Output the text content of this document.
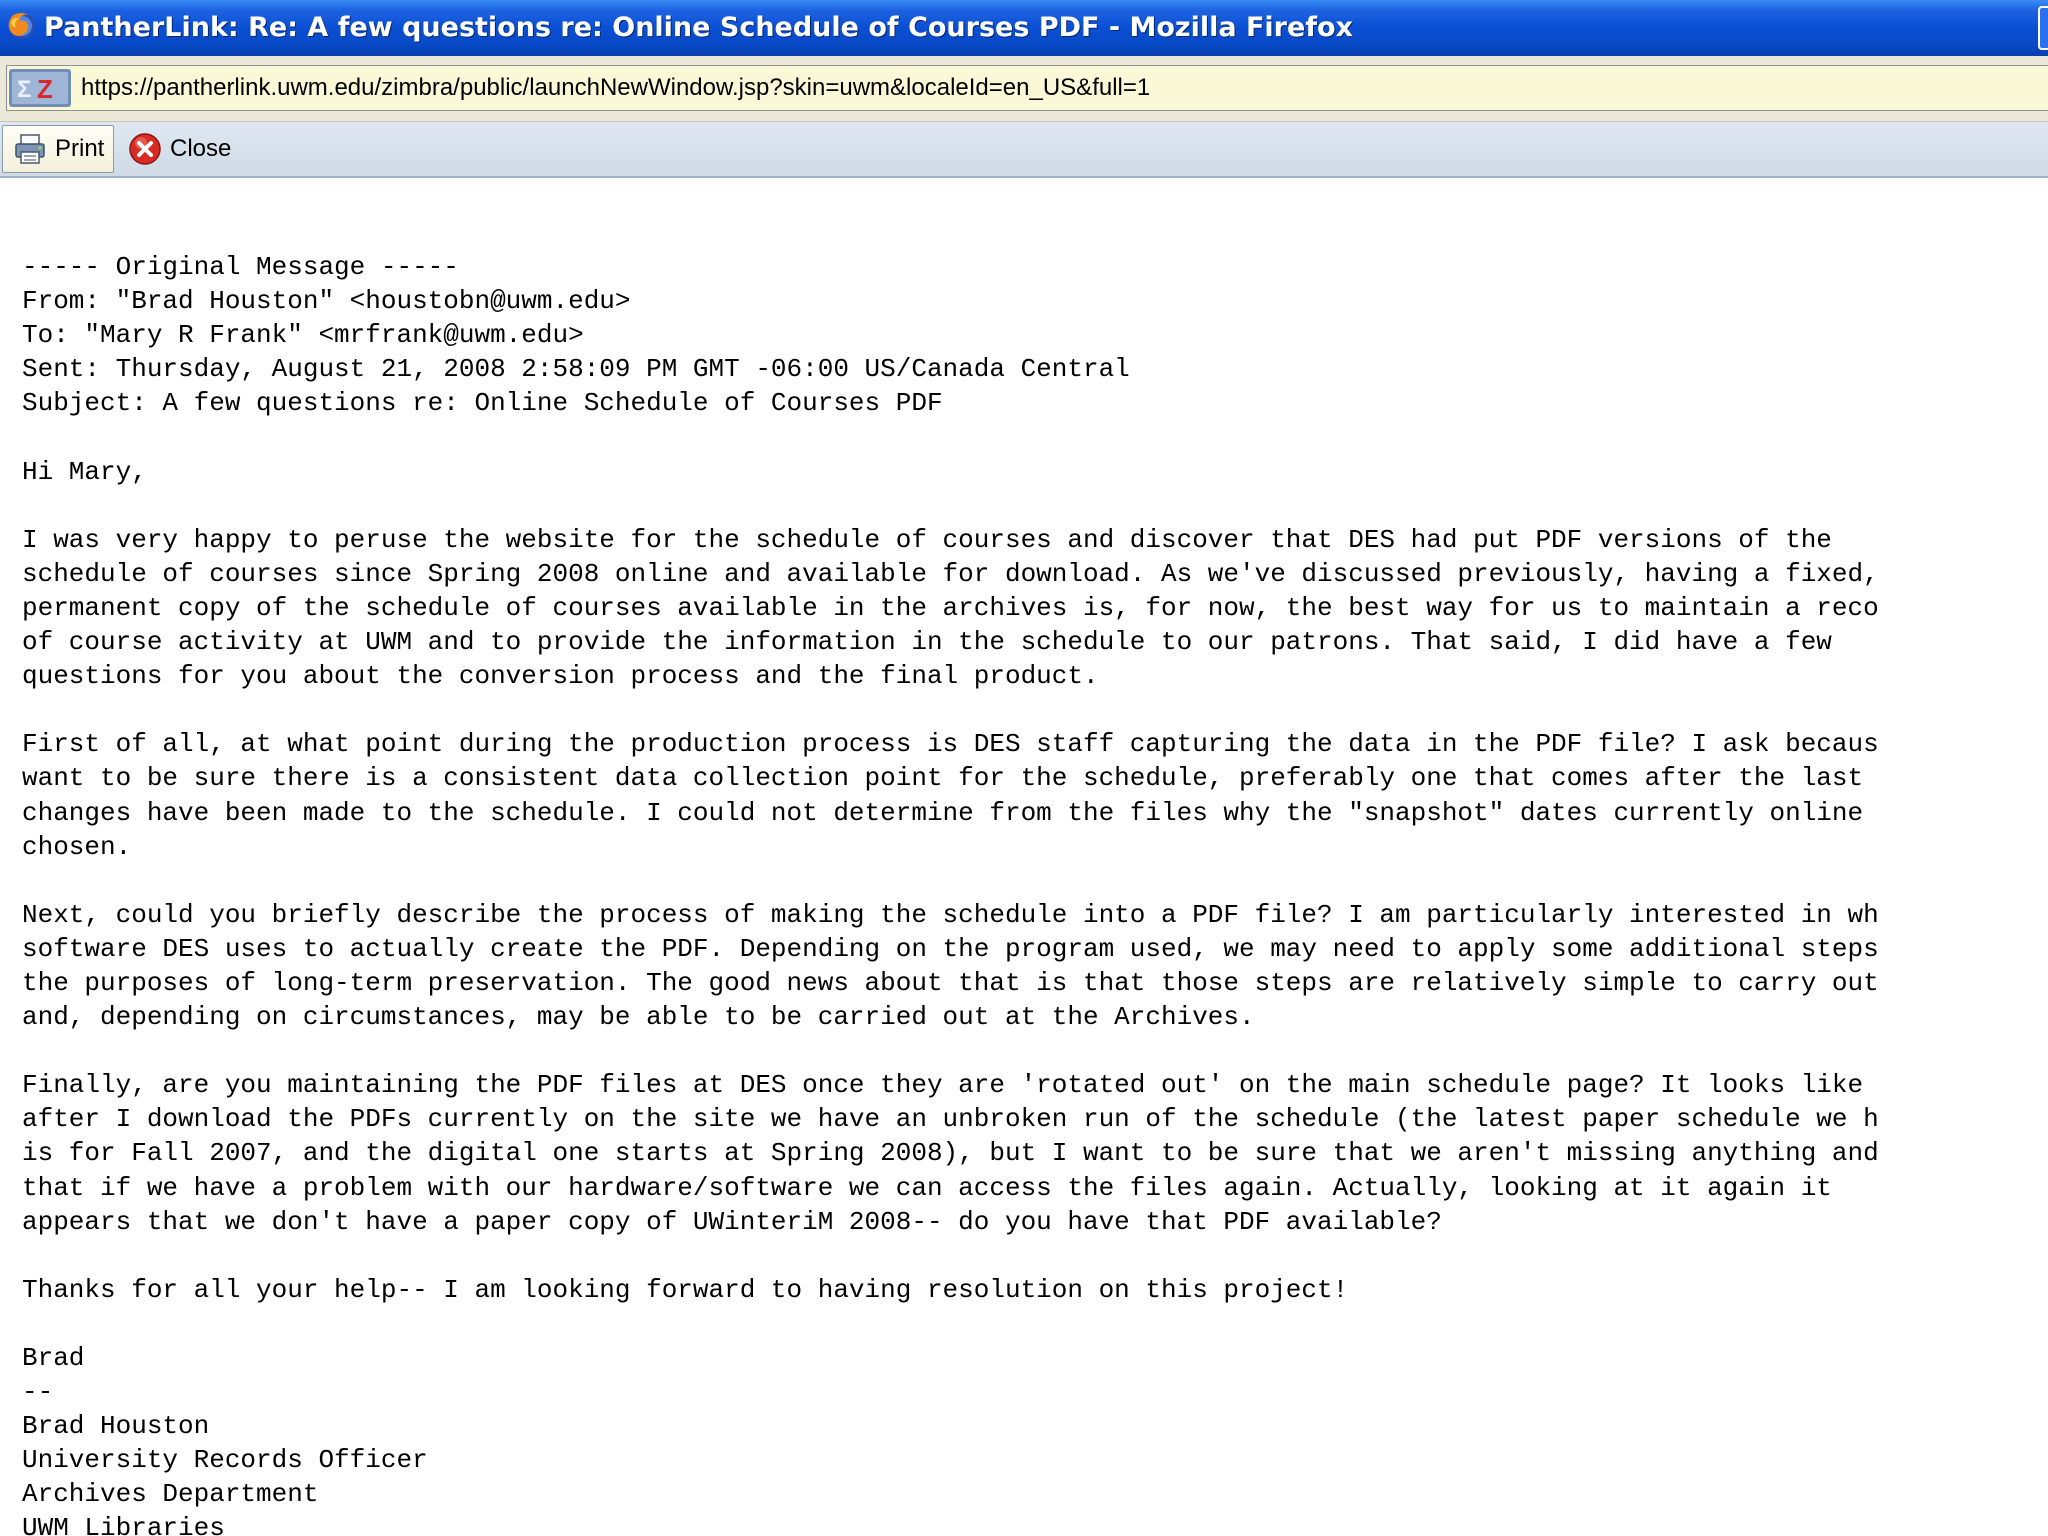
PantherLink: Re: A few questions re: Online Schedule of Courses PDF - Mozilla Firefox
Σ Z https://pantherlink.uwm.edu/zimbra/public/launchNewWindow.jsp?skin=uwm&localeId=en_US&full=1
Print	Close
----- Original Message -----
From: "Brad Houston" <houstobn@uwm.edu>
To: "Mary R Frank" <mrfrank@uwm.edu>
Sent: Thursday, August 21, 2008 2:58:09 PM GMT -06:00 US/Canada Central
Subject: A few questions re: Online Schedule of Courses PDF

Hi Mary,

I was very happy to peruse the website for the schedule of courses and discover that DES had put PDF versions of the
schedule of courses since Spring 2008 online and available for download. As we've discussed previously, having a fixed,
permanent copy of the schedule of courses available in the archives is, for now, the best way for us to maintain a reco
of course activity at UWM and to provide the information in the schedule to our patrons. That said, I did have a few
questions for you about the conversion process and the final product.

First of all, at what point during the production process is DES staff capturing the data in the PDF file? I ask becaus
want to be sure there is a consistent data collection point for the schedule, preferably one that comes after the last
changes have been made to the schedule. I could not determine from the files why the "snapshot" dates currently online
chosen.

Next, could you briefly describe the process of making the schedule into a PDF file? I am particularly interested in wh
software DES uses to actually create the PDF. Depending on the program used, we may need to apply some additional steps
the purposes of long-term preservation. The good news about that is that those steps are relatively simple to carry out
and, depending on circumstances, may be able to be carried out at the Archives.

Finally, are you maintaining the PDF files at DES once they are 'rotated out' on the main schedule page? It looks like
after I download the PDFs currently on the site we have an unbroken run of the schedule (the latest paper schedule we h
is for Fall 2007, and the digital one starts at Spring 2008), but I want to be sure that we aren't missing anything and
that if we have a problem with our hardware/software we can access the files again. Actually, looking at it again it
appears that we don't have a paper copy of UWinteriM 2008-- do you have that PDF available?

Thanks for all your help-- I am looking forward to having resolution on this project!

Brad
--
Brad Houston
University Records Officer
Archives Department
UWM Libraries
